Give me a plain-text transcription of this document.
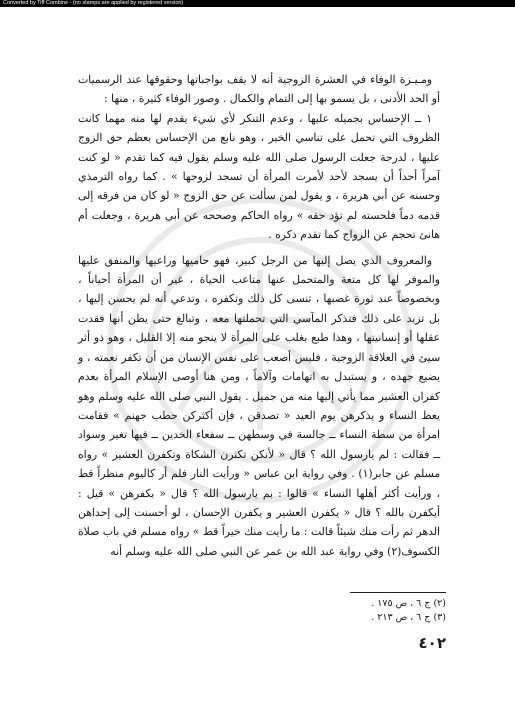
Converted by Tiff Combine - (no stamps are applied by registered version)

ومـيـزة الوفاء في العشرة الزوجية أنه لا يقف بواجباتها وحقوقها عند الرسميات أو الحد الأدنى ، بل يسمو بها إلى التمام والكمال . وصور الوفاء كثيرة ، منها :

١ ــ الإحساس بجميله عليها ، وعدم التنكر لأي شيء يقدم لها منه مهما كانت الظروف التي تحمل على تناسي الخير ، وهو نابع من الإحساس بعظم حق الزوج عليها ، لدرجة جعلت الرسول صلى الله عليه وسلم يقول فيه كما تقدم « لو كنت آمراً أحداً أن يسجد لأحد لأمرت المرأة أن تسجد لزوجها » . كما رواه الترمذي وحسنه عن أبي هريرة ، و يقول لمن سألت عن حق الزوج « لو كان من فرقه إلى قدمه دماً فلحسته لم تؤد حقه » رواه الحاكم وصححه عن أبي هريرة ، وجعلت أم هانئ تحجم عن الزواج كما تقدم ذكره .

والمعروف الذي يصل إليها من الرجل كبير، فهو حاميها وراعيها والمنفق عليها والموفر لها كل متعة والمتحمل عنها متاعب الحياة ، غير أن المرأة أحياناً ، وبخصوصاً عند ثورة غضبها ، تنسى كل ذلك وتكفره ، وتدعي أنه لم يحسن إليها ، بل تزيد على ذلك فتذكر المآسي التي تحملتها معه ، وتبالغ حتى يظن أنها فقدت عقلها أو إنسانيتها ، وهذا طبع يغلب على المرأة لا ينجو منه إلا القليل ، وهو ذو أثر سيئ في العلاقة الزوجية ، فليس أصعب على نفس الإنسان من أن تكفر نعمته ، و يضيع جهده ، و يستبدل به اتهامات وآلاماً ، ومن هنا أوصى الإسلام المرأة بعدم كفران العشير مما يأتي إليها منه من جميل . يقول النبي صلى الله عليه وسلم وهو يعظ النساء و يذكرهن يوم العيد « تصدقن ، فإن أكثركن حطب جهنم » فقامت امرأة من سطة النساء ــ جالسة في وسطهن ــ سفعاء الخدين ــ فيها تغير وسواد ــ فقالت : لم يارسول الله ؟ قال « لأنكن تكثرن الشكاة وتكفرن العشير » رواه مسلم عن جابر(١) . وفي رواية ابن عباس « ورأيت النار فلم أر كاليوم منظراً قط ، ورأيت أكثر أهلها النساء » قالوا : بم يارسول الله ؟ قال « بكفرهن » قيل : أيكفرن بالله ؟ قال « يكفرن العشير و يكفرن الإحسان ، لو أحسنت إلى إحداهن الدهر ثم رأت منك شيئاً قالت : ما رأيت منك خيراً قط » رواه مسلم في باب صلاة الكسوف(٢) وفي رواية عبد الله بن عمر عن النبي صلى الله عليه وسلم أنه

(٢) ج ٦ ، ص ١٧٥ .
(٣) ج ٦ ، ص ٢١٣ .
٤٠٢
